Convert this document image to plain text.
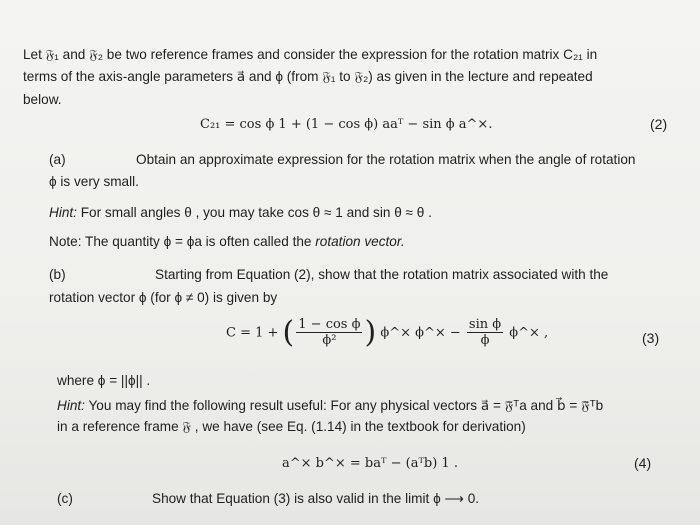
Let 𝔉₁ and 𝔉₂ be two reference frames and consider the expression for the rotation matrix C₂₁ in
terms of the axis-angle parameters a⃗ and ϕ (from 𝔉₁ to 𝔉₂) as given in the lecture and repeated
below.
C₂₁ = cos ϕ 1 + (1 − cos ϕ) aaᵀ − sin ϕ a^×.	(2)
(a)	Obtain an approximate expression for the rotation matrix when the angle of rotation
ϕ is very small.
Hint: For small angles θ , you may take cos θ ≈ 1 and sin θ ≈ θ .
Note: The quantity ϕ = ϕa is often called the rotation vector.
(b)	Starting from Equation (2), show that the rotation matrix associated with the
rotation vector ϕ (for ϕ ≠ 0) is given by
C = 1 + ( $\frac{\text{1 − cos ϕ}}{\text{ϕ²}}$ ) ϕ^× ϕ^× − $\frac{\text{sin ϕ}}{\phi}$ ϕ^× ,	(3)
where ϕ = ||ϕ|| .
Hint: You may find the following result useful: For any physical vectors a⃗ = 𝔉⃗ᵀa and b⃗ = 𝔉⃗ᵀb
in a reference frame 𝔉 , we have (see Eq. (1.14) in the textbook for derivation)
a^× b^× = baᵀ − (aᵀb) 1 .	(4)
(c)	Show that Equation (3) is also valid in the limit ϕ ⟶ 0.
